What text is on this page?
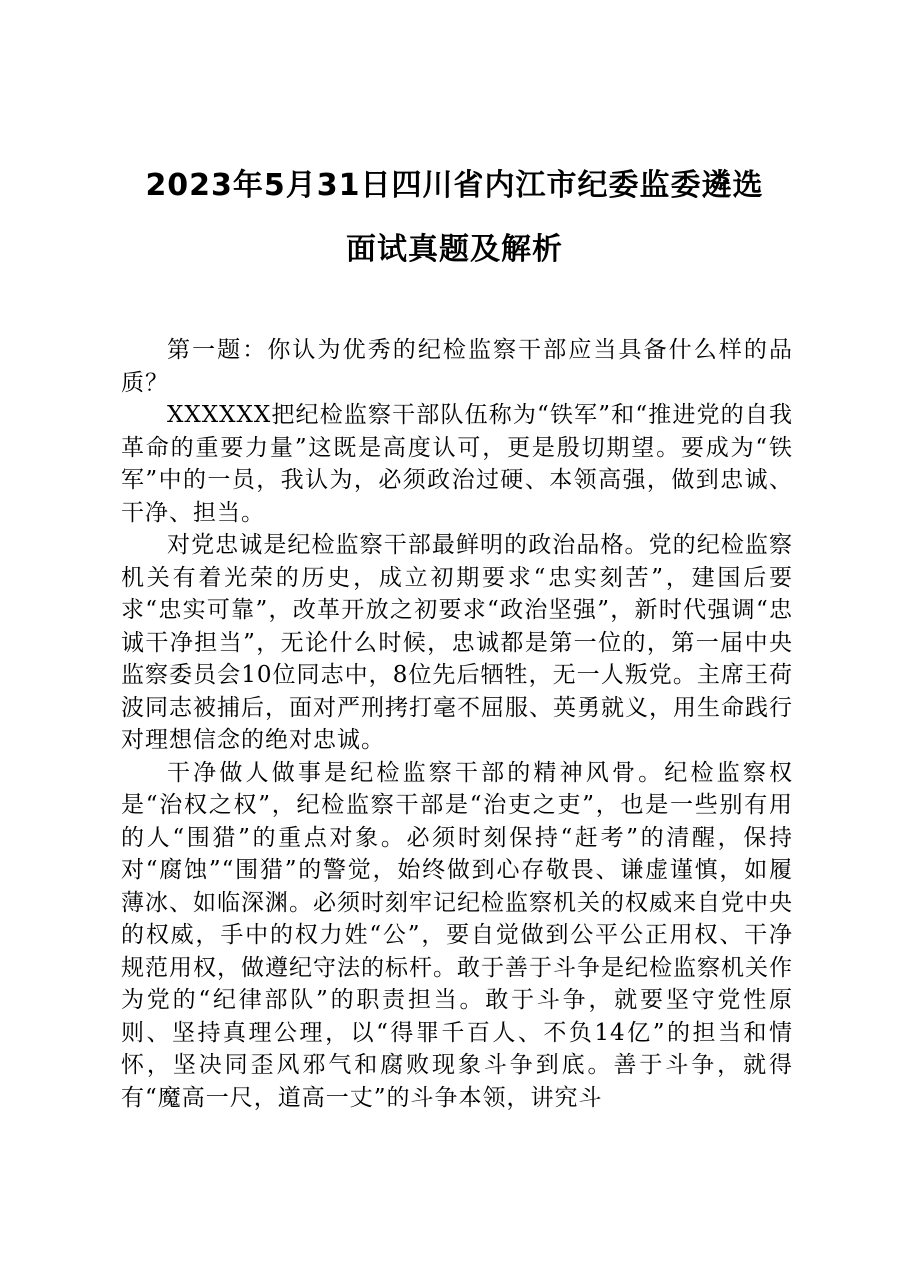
2023年5月31日四川省内江市纪委监委遴选
面试真题及解析

第一题：你认为优秀的纪检监察干部应当具备什么样的品质？

XXXXXX把纪检监察干部队伍称为“铁军”和“推进党的自我革命的重要力量”这既是高度认可，更是殷切期望。要成为“铁军”中的一员，我认为，必须政治过硬、本领高强，做到忠诚、干净、担当。

对党忠诚是纪检监察干部最鲜明的政治品格。党的纪检监察机关有着光荣的历史，成立初期要求“忠实刻苦”，建国后要求“忠实可靠”，改革开放之初要求“政治坚强”，新时代强调“忠诚干净担当”，无论什么时候，忠诚都是第一位的，第一届中央监察委员会10位同志中，8位先后牺牲，无一人叛党。主席王荷波同志被捕后，面对严刑拷打毫不屈服、英勇就义，用生命践行对理想信念的绝对忠诚。

干净做人做事是纪检监察干部的精神风骨。纪检监察权是“治权之权”，纪检监察干部是“治吏之吏”，也是一些别有用的人“围猎”的重点对象。必须时刻保持“赶考”的清醒，保持对“腐蚀”“围猎”的警觉，始终做到心存敬畏、谦虚谨慎，如履薄冰、如临深渊。必须时刻牢记纪检监察机关的权威来自党中央的权威，手中的权力姓“公”，要自觉做到公平公正用权、干净规范用权，做遵纪守法的标杆。敢于善于斗争是纪检监察机关作为党的“纪律部队”的职责担当。敢于斗争，就要坚守党性原则、坚持真理公理，以“得罪千百人、不负14亿”的担当和情怀，坚决同歪风邪气和腐败现象斗争到底。善于斗争，就得有“魔高一尺，道高一丈”的斗争本领，讲究斗
